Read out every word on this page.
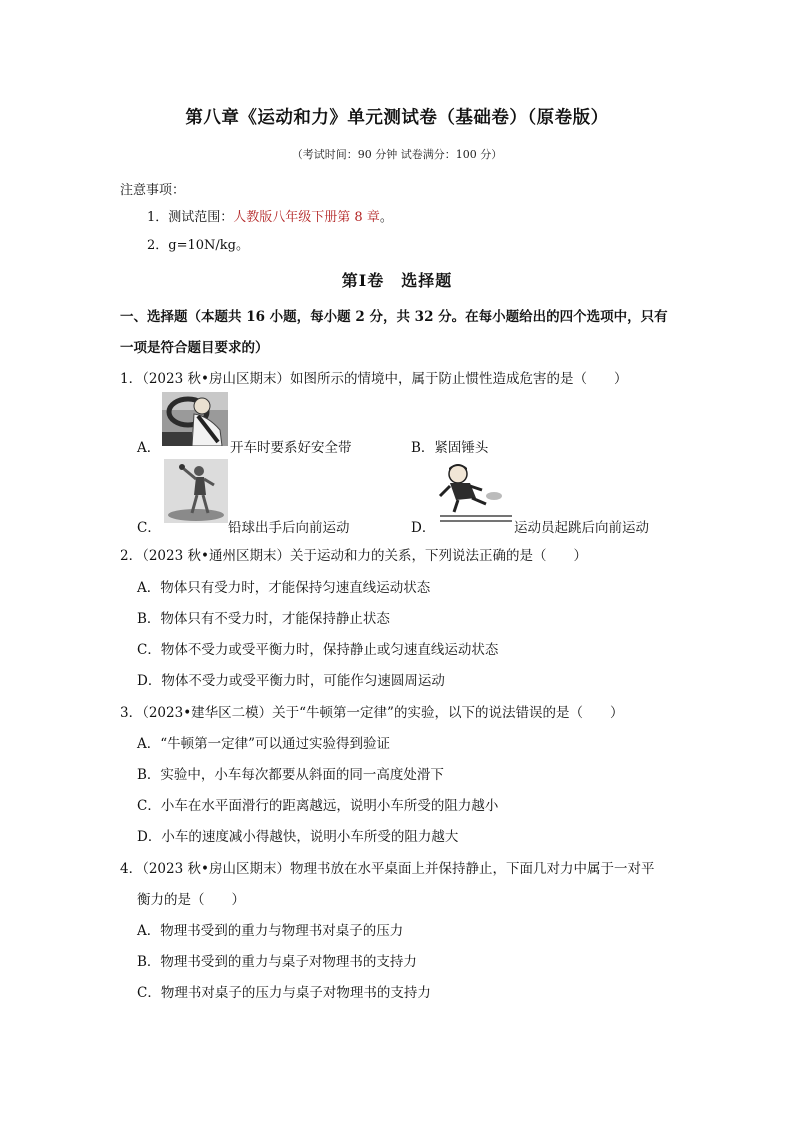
第八章《运动和力》单元测试卷（基础卷）（原卷版）
（考试时间：90 分钟 试卷满分：100 分）
注意事项：
1．测试范围：人教版八年级下册第 8 章。
2．g=10N/kg。
第Ⅰ卷　选择题
一、选择题（本题共 16 小题，每小题 2 分，共 32 分。在每小题给出的四个选项中，只有
一项是符合题目要求的）
1．（2023 秋•房山区期末）如图所示的情境中，属于防止惯性造成危害的是（　　）
A．	开车时要系好安全带	B．紧固锤头
C．	铅球出手后向前运动	D．	运动员起跳后向前运动
2．（2023 秋•通州区期末）关于运动和力的关系，下列说法正确的是（　　）
A．物体只有受力时，才能保持匀速直线运动状态
B．物体只有不受力时，才能保持静止状态
C．物体不受力或受平衡力时，保持静止或匀速直线运动状态
D．物体不受力或受平衡力时，可能作匀速圆周运动
3．（2023•建华区二模）关于“牛顿第一定律”的实验，以下的说法错误的是（　　）
A．“牛顿第一定律”可以通过实验得到验证
B．实验中，小车每次都要从斜面的同一高度处滑下
C．小车在水平面滑行的距离越远，说明小车所受的阻力越小
D．小车的速度减小得越快，说明小车所受的阻力越大
4．（2023 秋•房山区期末）物理书放在水平桌面上并保持静止，下面几对力中属于一对平
衡力的是（　　）
A．物理书受到的重力与物理书对桌子的压力
B．物理书受到的重力与桌子对物理书的支持力
C．物理书对桌子的压力与桌子对物理书的支持力
